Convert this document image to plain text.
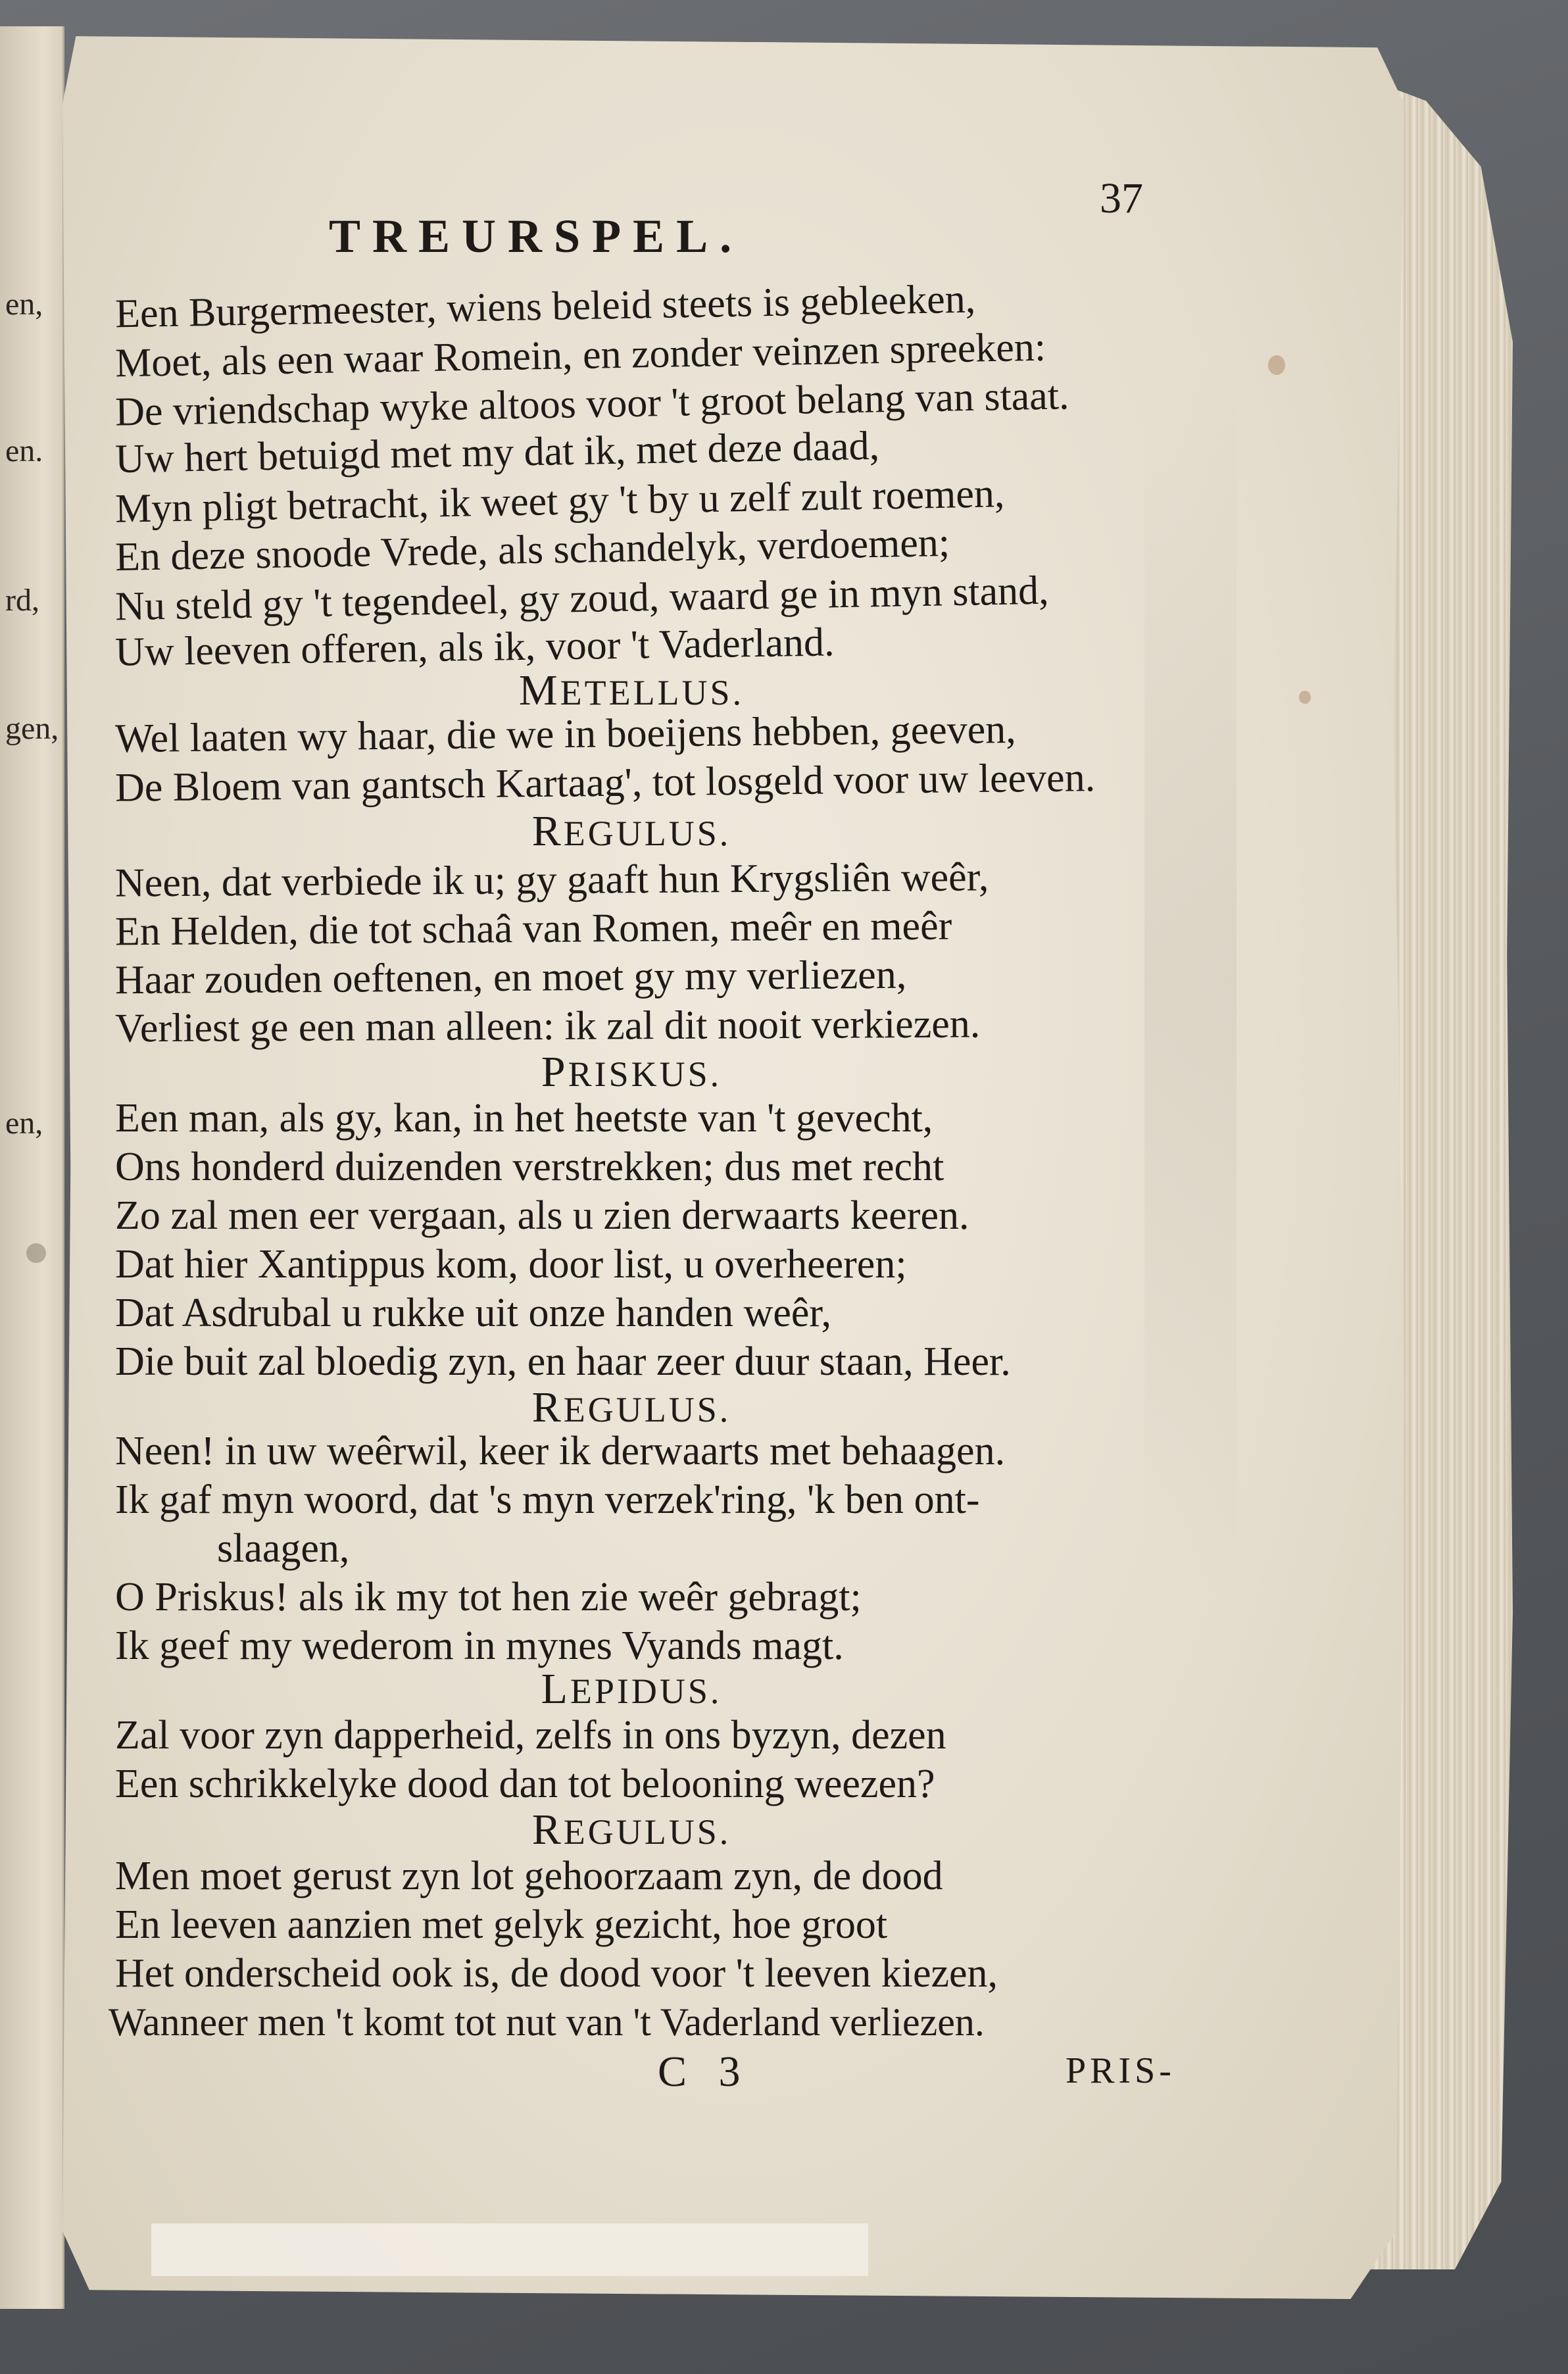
en,
en.
rd,
gen,
en,
TREURSPEL.

37

Een Burgermeester, wiens beleid steets is gebleeken,

Moet, als een waar Romein, en zonder veinzen spreeken:

De vriendschap wyke altoos voor 't groot belang van staat.

Uw hert betuigd met my dat ik, met deze daad,

Myn pligt betracht, ik weet gy 't by u zelf zult roemen,

En deze snoode Vrede, als schandelyk, verdoemen;

Nu steld gy 't tegendeel, gy zoud, waard ge in myn stand,

Uw leeven offeren, als ik, voor 't Vaderland.

METELLUS.

Wel laaten wy haar, die we in boeijens hebben, geeven,

De Bloem van gantsch Kartaag', tot losgeld voor uw leeven.

REGULUS.

Neen, dat verbiede ik u; gy gaaft hun Krygsliên weêr,

En Helden, die tot schaâ van Romen, meêr en meêr

Haar zouden oeftenen, en moet gy my verliezen,

Verliest ge een man alleen: ik zal dit nooit verkiezen.

PRISKUS.

Een man, als gy, kan, in het heetste van 't gevecht,

Ons honderd duizenden verstrekken; dus met recht

Zo zal men eer vergaan, als u zien derwaarts keeren.

Dat hier Xantippus kom, door list, u overheeren;

Dat Asdrubal u rukke uit onze handen weêr,

Die buit zal bloedig zyn, en haar zeer duur staan, Heer.

REGULUS.

Neen! in uw weêrwil, keer ik derwaarts met behaagen.

Ik gaf myn woord, dat 's myn verzek'ring, 'k ben ont-

slaagen,

O Priskus! als ik my tot hen zie weêr gebragt;

Ik geef my wederom in mynes Vyands magt.

LEPIDUS.

Zal voor zyn dapperheid, zelfs in ons byzyn, dezen

Een schrikkelyke dood dan tot belooning weezen?

REGULUS.

Men moet gerust zyn lot gehoorzaam zyn, de dood

En leeven aanzien met gelyk gezicht, hoe groot

Het onderscheid ook is, de dood voor 't leeven kiezen,

Wanneer men 't komt tot nut van 't Vaderland verliezen.

C 3	PRIS-
